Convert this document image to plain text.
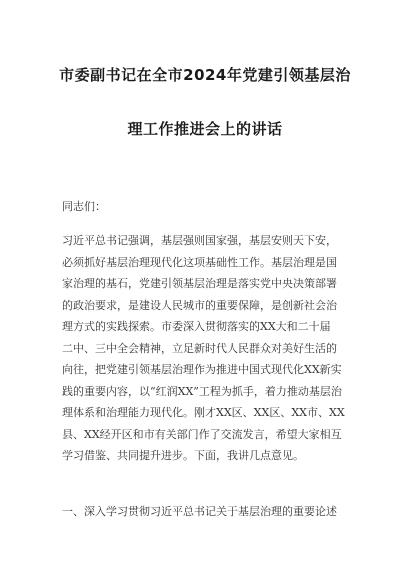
市委副书记在全市2024年党建引领基层治
理工作推进会上的讲话
同志们：
习近平总书记强调，基层强则国家强，基层安则天下安，
必须抓好基层治理现代化这项基础性工作。基层治理是国
家治理的基石，党建引领基层治理是落实党中央决策部署
的政治要求，是建设人民城市的重要保障，是创新社会治
理方式的实践探索。市委深入贯彻落实的XX大和二十届
二中、三中全会精神，立足新时代人民群众对美好生活的
向往，把党建引领基层治理作为推进中国式现代化XX新实
践的重要内容，以“红润XX”工程为抓手，着力推动基层治
理体系和治理能力现代化。刚才XX区、XX区、XX市、XX
县、XX经开区和市有关部门作了交流发言，希望大家相互
学习借鉴、共同提升进步。下面，我讲几点意见。
一、深入学习贯彻习近平总书记关于基层治理的重要论述
